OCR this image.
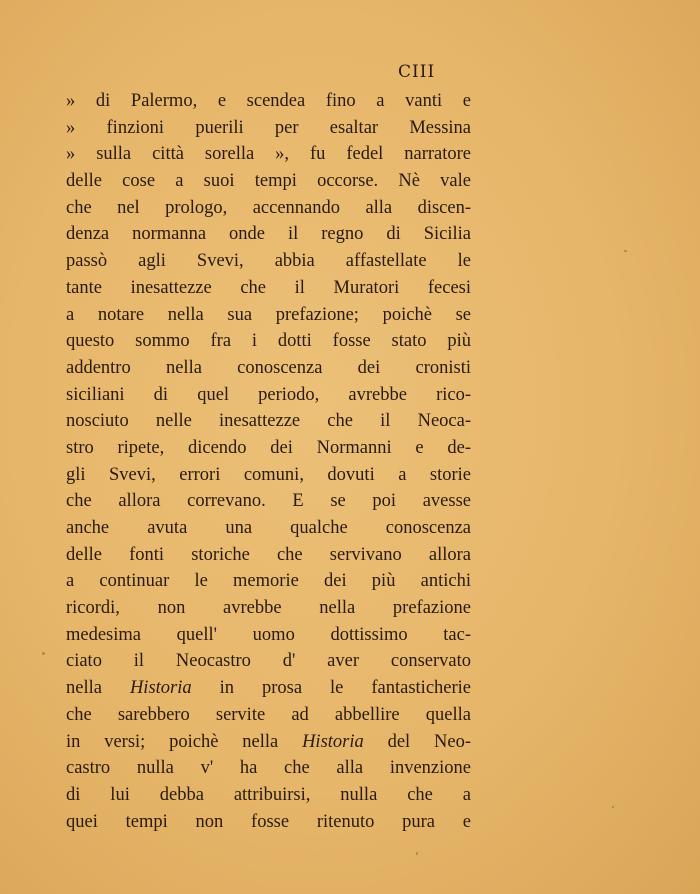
CIII
» di Palermo, e scendea fino a vanti e
» finzioni puerili per esaltar Messina
» sulla città sorella », fu fedel narratore
delle cose a suoi tempi occorse. Nè vale
che nel prologo, accennando alla discen-
denza normanna onde il regno di Sicilia
passò agli Svevi, abbia affastellate le
tante inesattezze che il Muratori fecesi
a notare nella sua prefazione; poichè se
questo sommo fra i dotti fosse stato più
addentro nella conoscenza dei cronisti
siciliani di quel periodo, avrebbe rico-
nosciuto nelle inesattezze che il Neoca-
stro ripete, dicendo dei Normanni e de-
gli Svevi, errori comuni, dovuti a storie
che allora correvano. E se poi avesse
anche avuta una qualche conoscenza
delle fonti storiche che servivano allora
a continuar le memorie dei più antichi
ricordi, non avrebbe nella prefazione
medesima quell' uomo dottissimo tac-
ciato il Neocastro d' aver conservato
nella Historia in prosa le fantasticherie
che sarebbero servite ad abbellire quella
in versi; poichè nella Historia del Neo-
castro nulla v' ha che alla invenzione
di lui debba attribuirsi, nulla che a
quei tempi non fosse ritenuto pura e
